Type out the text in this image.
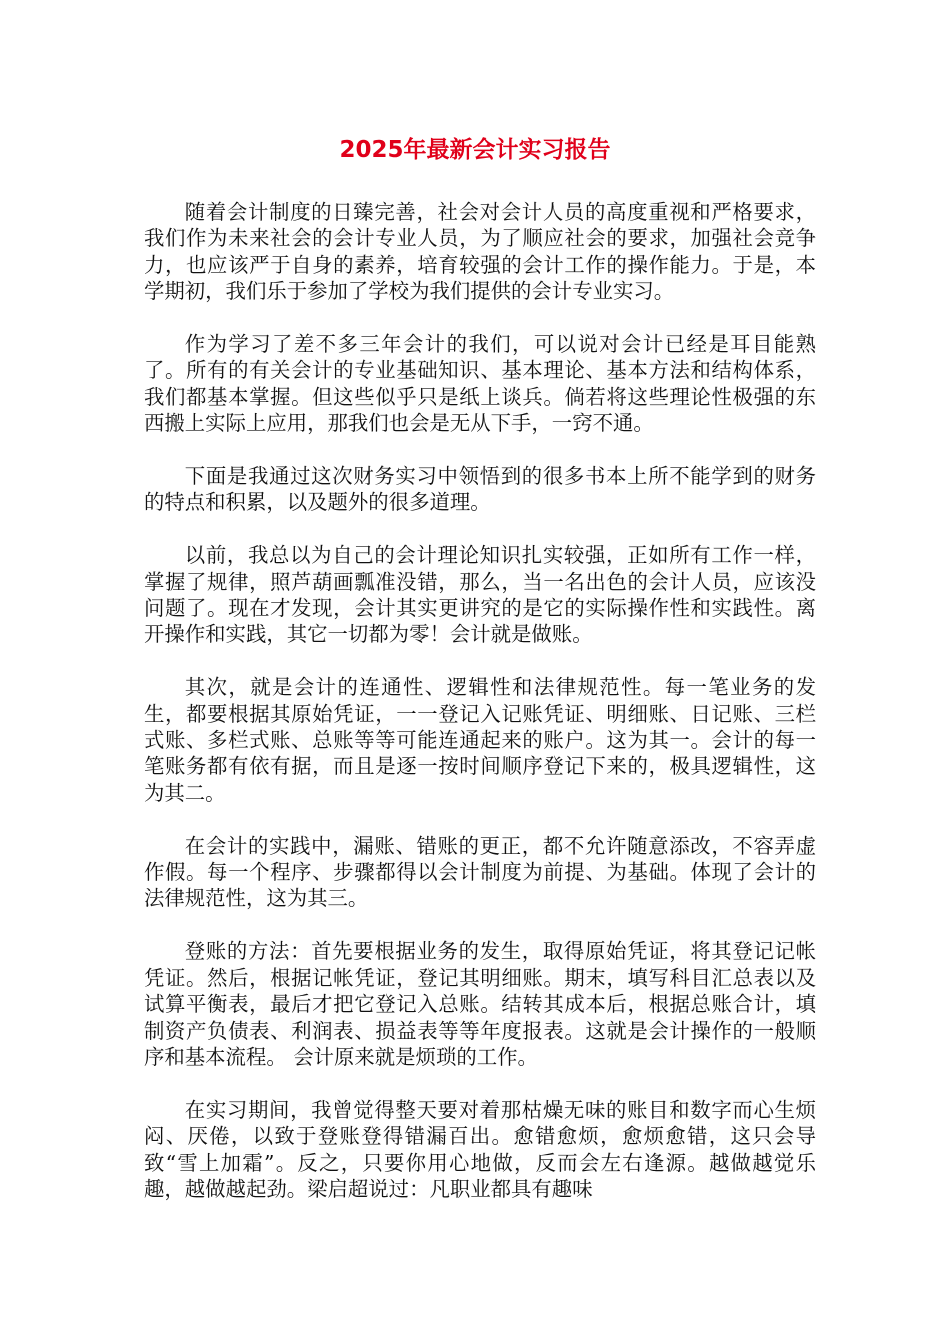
2025年最新会计实习报告

随着会计制度的日臻完善，社会对会计人员的高度重视和严格要求，我们作为未来社会的会计专业人员，为了顺应社会的要求，加强社会竞争力，也应该严于自身的素养，培育较强的会计工作的操作能力。于是，本学期初，我们乐于参加了学校为我们提供的会计专业实习。

作为学习了差不多三年会计的我们，可以说对会计已经是耳目能熟了。所有的有关会计的专业基础知识、基本理论、基本方法和结构体系，我们都基本掌握。但这些似乎只是纸上谈兵。倘若将这些理论性极强的东西搬上实际上应用，那我们也会是无从下手，一窍不通。

下面是我通过这次财务实习中领悟到的很多书本上所不能学到的财务的特点和积累，以及题外的很多道理。

以前，我总以为自己的会计理论知识扎实较强，正如所有工作一样，掌握了规律，照芦葫画瓢准没错，那么，当一名出色的会计人员，应该没问题了。现在才发现，会计其实更讲究的是它的实际操作性和实践性。离开操作和实践，其它一切都为零！会计就是做账。

其次，就是会计的连通性、逻辑性和法律规范性。每一笔业务的发生，都要根据其原始凭证，一一登记入记账凭证、明细账、日记账、三栏式账、多栏式账、总账等等可能连通起来的账户。这为其一。会计的每一笔账务都有依有据，而且是逐一按时间顺序登记下来的，极具逻辑性，这为其二。

在会计的实践中，漏账、错账的更正，都不允许随意添改，不容弄虚作假。每一个程序、步骤都得以会计制度为前提、为基础。体现了会计的法律规范性，这为其三。

登账的方法：首先要根据业务的发生，取得原始凭证，将其登记记帐凭证。然后，根据记帐凭证，登记其明细账。期末，填写科目汇总表以及试算平衡表，最后才把它登记入总账。结转其成本后，根据总账合计，填制资产负债表、利润表、损益表等等年度报表。这就是会计操作的一般顺序和基本流程。 会计原来就是烦琐的工作。

在实习期间，我曾觉得整天要对着那枯燥无味的账目和数字而心生烦闷、厌倦，以致于登账登得错漏百出。愈错愈烦，愈烦愈错，这只会导致“雪上加霜”。反之，只要你用心地做，反而会左右逢源。越做越觉乐趣，越做越起劲。梁启超说过：凡职业都具有趣味
